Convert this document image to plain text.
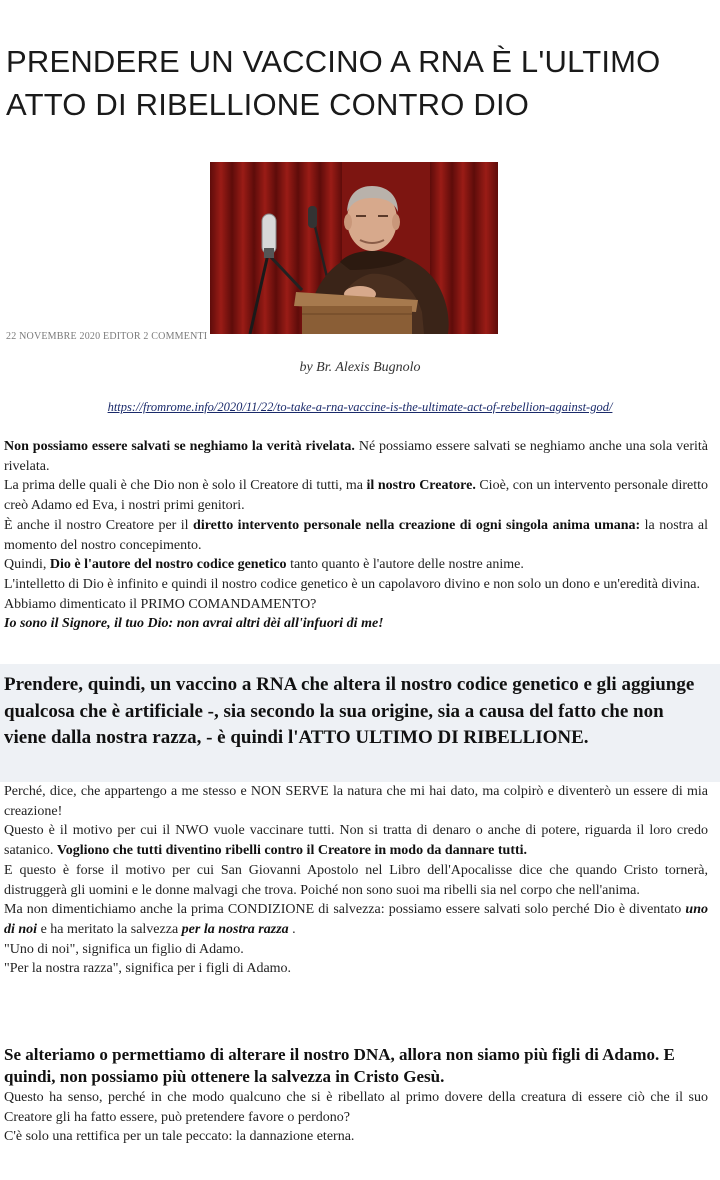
PRENDERE UN VACCINO A RNA È L'ULTIMO ATTO DI RIBELLIONE CONTRO DIO

22 NOVEMBRE 2020 EDITOR 2 COMMENTI

by Br. Alexis Bugnolo

https://fromrome.info/2020/11/22/to-take-a-rna-vaccine-is-the-ultimate-act-of-rebellion-against-god/

Non possiamo essere salvati se neghiamo la verità rivelata. Né possiamo essere salvati se neghiamo anche una sola verità rivelata.

La prima delle quali è che Dio non è solo il Creatore di tutti, ma il nostro Creatore. Cioè, con un intervento personale diretto creò Adamo ed Eva, i nostri primi genitori.

È anche il nostro Creatore per il diretto intervento personale nella creazione di ogni singola anima umana: la nostra al momento del nostro concepimento.

Quindi, Dio è l'autore del nostro codice genetico tanto quanto è l'autore delle nostre anime.

L'intelletto di Dio è infinito e quindi il nostro codice genetico è un capolavoro divino e non solo un dono e un'eredità divina.

Abbiamo dimenticato il PRIMO COMANDAMENTO?

Io sono il Signore, il tuo Dio: non avrai altri dèi all'infuori di me!

Prendere, quindi, un vaccino a RNA che altera il nostro codice genetico e gli aggiunge qualcosa che è artificiale -, sia secondo la sua origine, sia a causa del fatto che non viene dalla nostra razza, - è quindi l'ATTO ULTIMO DI RIBELLIONE.

Perché, dice, che appartengo a me stesso e NON SERVE la natura che mi hai dato, ma colpirò e diventerò un essere di mia creazione!

Questo è il motivo per cui il NWO vuole vaccinare tutti. Non si tratta di denaro o anche di potere, riguarda il loro credo satanico. Vogliono che tutti diventino ribelli contro il Creatore in modo da dannare tutti.

E questo è forse il motivo per cui San Giovanni Apostolo nel Libro dell'Apocalisse dice che quando Cristo tornerà, distruggerà gli uomini e le donne malvagi che trova. Poiché non sono suoi ma ribelli sia nel corpo che nell'anima.

Ma non dimentichiamo anche la prima CONDIZIONE di salvezza: possiamo essere salvati solo perché Dio è diventato uno di noi e ha meritato la salvezza per la nostra razza .

"Uno di noi", significa un figlio di Adamo.

"Per la nostra razza", significa per i figli di Adamo.

Se alteriamo o permettiamo di alterare il nostro DNA, allora non siamo più figli di Adamo. E quindi, non possiamo più ottenere la salvezza in Cristo Gesù.

Questo ha senso, perché in che modo qualcuno che si è ribellato al primo dovere della creatura di essere ciò che il suo Creatore gli ha fatto essere, può pretendere favore o perdono?

C'è solo una rettifica per un tale peccato: la dannazione eterna.
